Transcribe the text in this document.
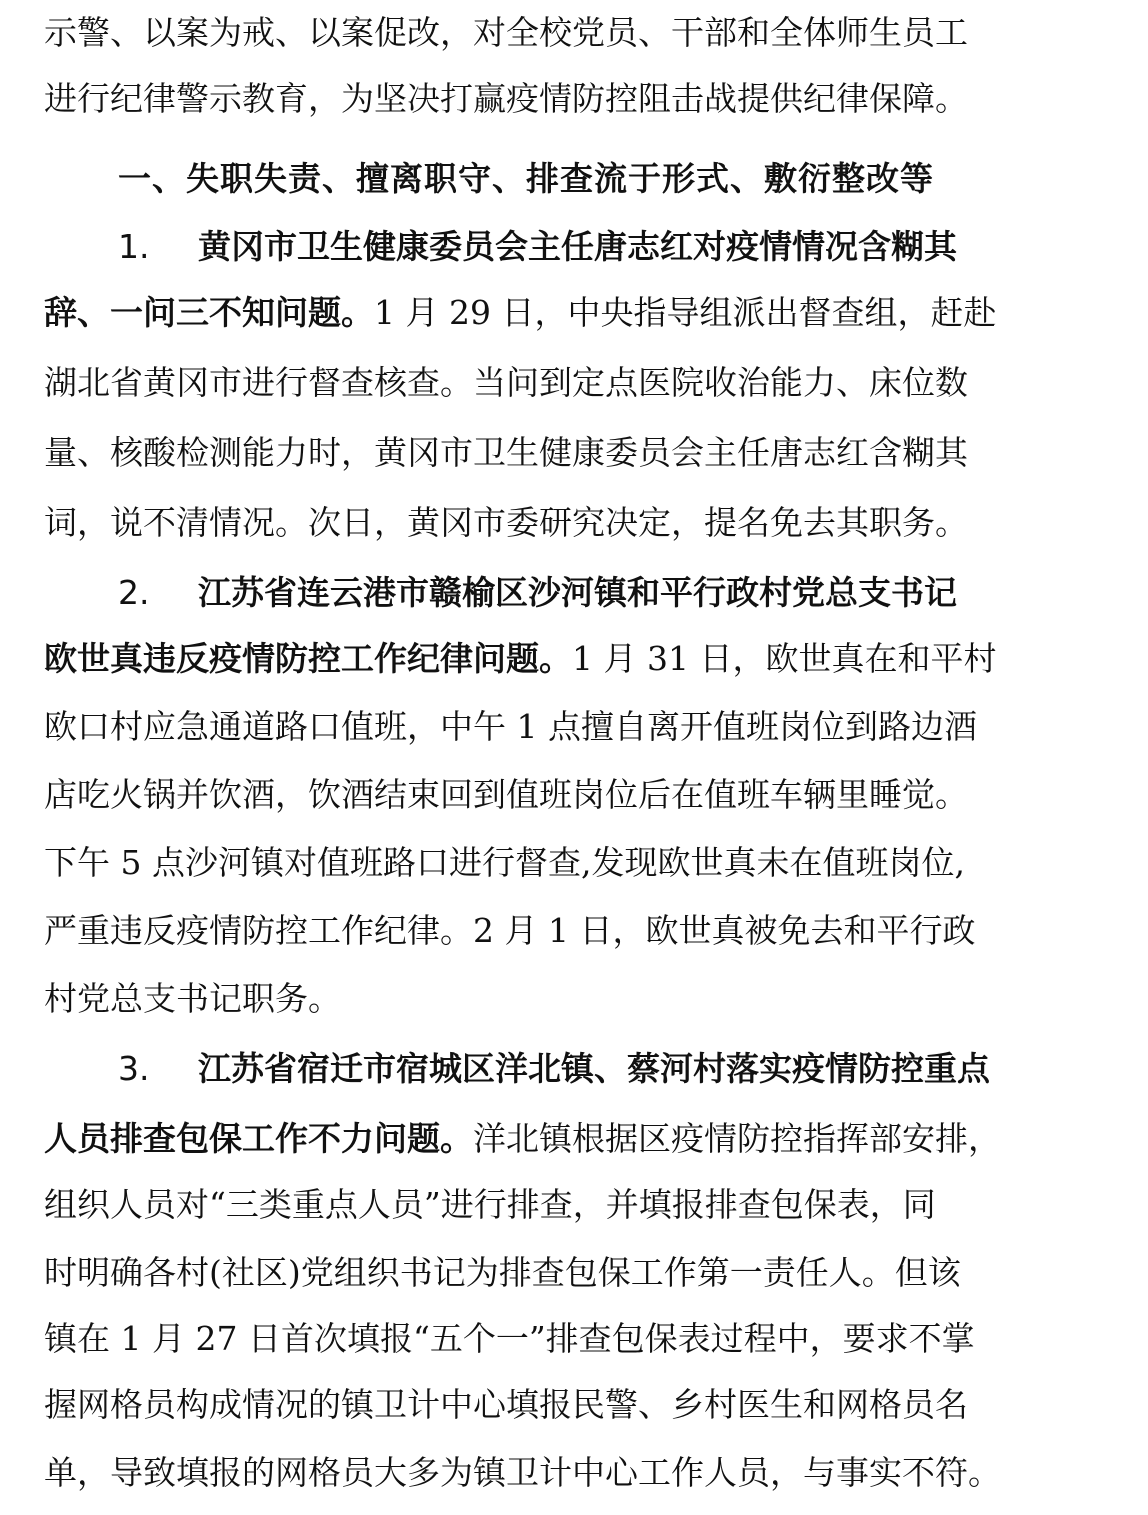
示警、以案为戒、以案促改，对全校党员、干部和全体师生员工
进行纪律警示教育，为坚决打赢疫情防控阻击战提供纪律保障。
一、失职失责、擅离职守、排查流于形式、敷衍整改等
1. 黄冈市卫生健康委员会主任唐志红对疫情情况含糊其
辞、一问三不知问题。1 月 29 日，中央指导组派出督查组，赶赴
湖北省黄冈市进行督查核查。当问到定点医院收治能力、床位数
量、核酸检测能力时，黄冈市卫生健康委员会主任唐志红含糊其
词，说不清情况。次日，黄冈市委研究决定，提名免去其职务。
2. 江苏省连云港市赣榆区沙河镇和平行政村党总支书记
欧世真违反疫情防控工作纪律问题。1 月 31 日，欧世真在和平村
欧口村应急通道路口值班，中午 1 点擅自离开值班岗位到路边酒
店吃火锅并饮酒，饮酒结束回到值班岗位后在值班车辆里睡觉。
下午 5 点沙河镇对值班路口进行督查,发现欧世真未在值班岗位,
严重违反疫情防控工作纪律。2 月 1 日，欧世真被免去和平行政
村党总支书记职务。
3. 江苏省宿迁市宿城区洋北镇、蔡河村落实疫情防控重点
人员排查包保工作不力问题。洋北镇根据区疫情防控指挥部安排，
组织人员对“三类重点人员”进行排查，并填报排查包保表，同
时明确各村(社区)党组织书记为排查包保工作第一责任人。但该
镇在 1 月 27 日首次填报“五个一”排查包保表过程中，要求不掌
握网格员构成情况的镇卫计中心填报民警、乡村医生和网格员名
单，导致填报的网格员大多为镇卫计中心工作人员，与事实不符。
